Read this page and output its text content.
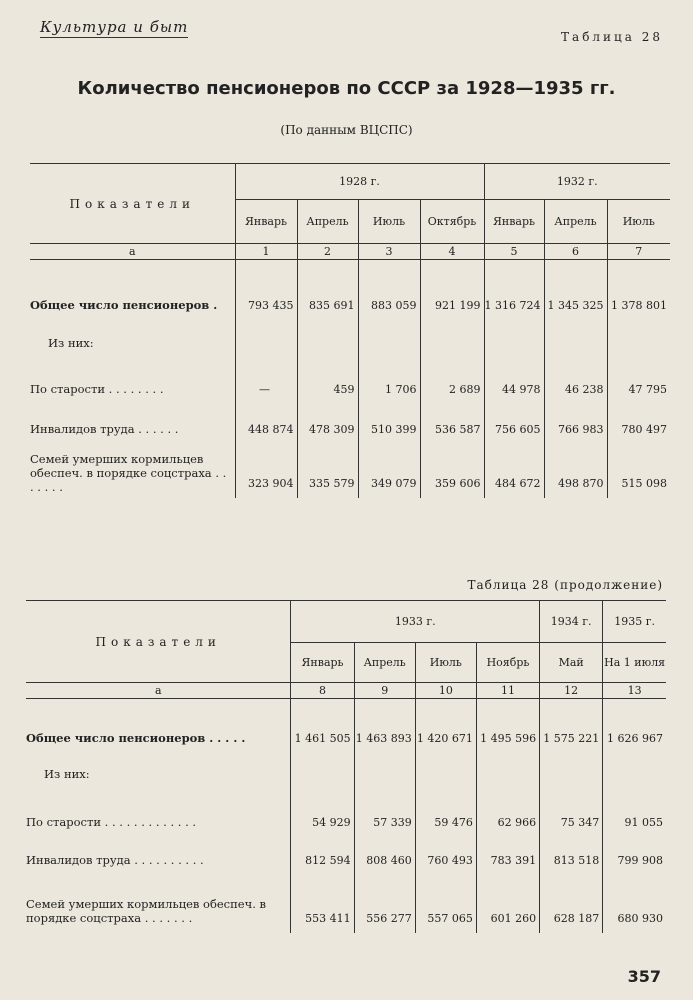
Культура и быт
Таблица 28
Количество пенсионеров по СССР за 1928—1935 гг.
(По данным ВЦСПС)
Показатели	1928 г.				1932 г.		
	Январь	Апрель	Июль	Октябрь	Январь	Апрель	Июль
а	1	2	3	4	5	6	7
Общее число пенсионеров .	793 435	835 691	883 059	921 199	1 316 724	1 345 325	1 378 801
Из них:							
По старости . . . . . . . .	—	459	1 706	2 689	44 978	46 238	47 795
Инвалидов труда . . . . . .	448 874	478 309	510 399	536 587	756 605	766 983	780 497
Семей умерших кормильцев обеспеч. в порядке соцстраха . . . . . . .	323 904	335 579	349 079	359 606	484 672	498 870	515 098
Таблица 28 (продолжение)
Показатели	1933 г.				1934 г.	1935 г.
	Январь	Апрель	Июль	Ноябрь	Май	На 1 июля
а	8	9	10	11	12	13
Общее число пенсионеров . . . . .	1 461 505	1 463 893	1 420 671	1 495 596	1 575 221	1 626 967
Из них:						
По старости . . . . . . . . . . . . .	54 929	57 339	59 476	62 966	75 347	91 055
Инвалидов труда . . . . . . . . . .	812 594	808 460	760 493	783 391	813 518	799 908
Семей умерших кормильцев обеспеч. в порядке соцстраха . . . . . . .	553 411	556 277	557 065	601 260	628 187	680 930
357
